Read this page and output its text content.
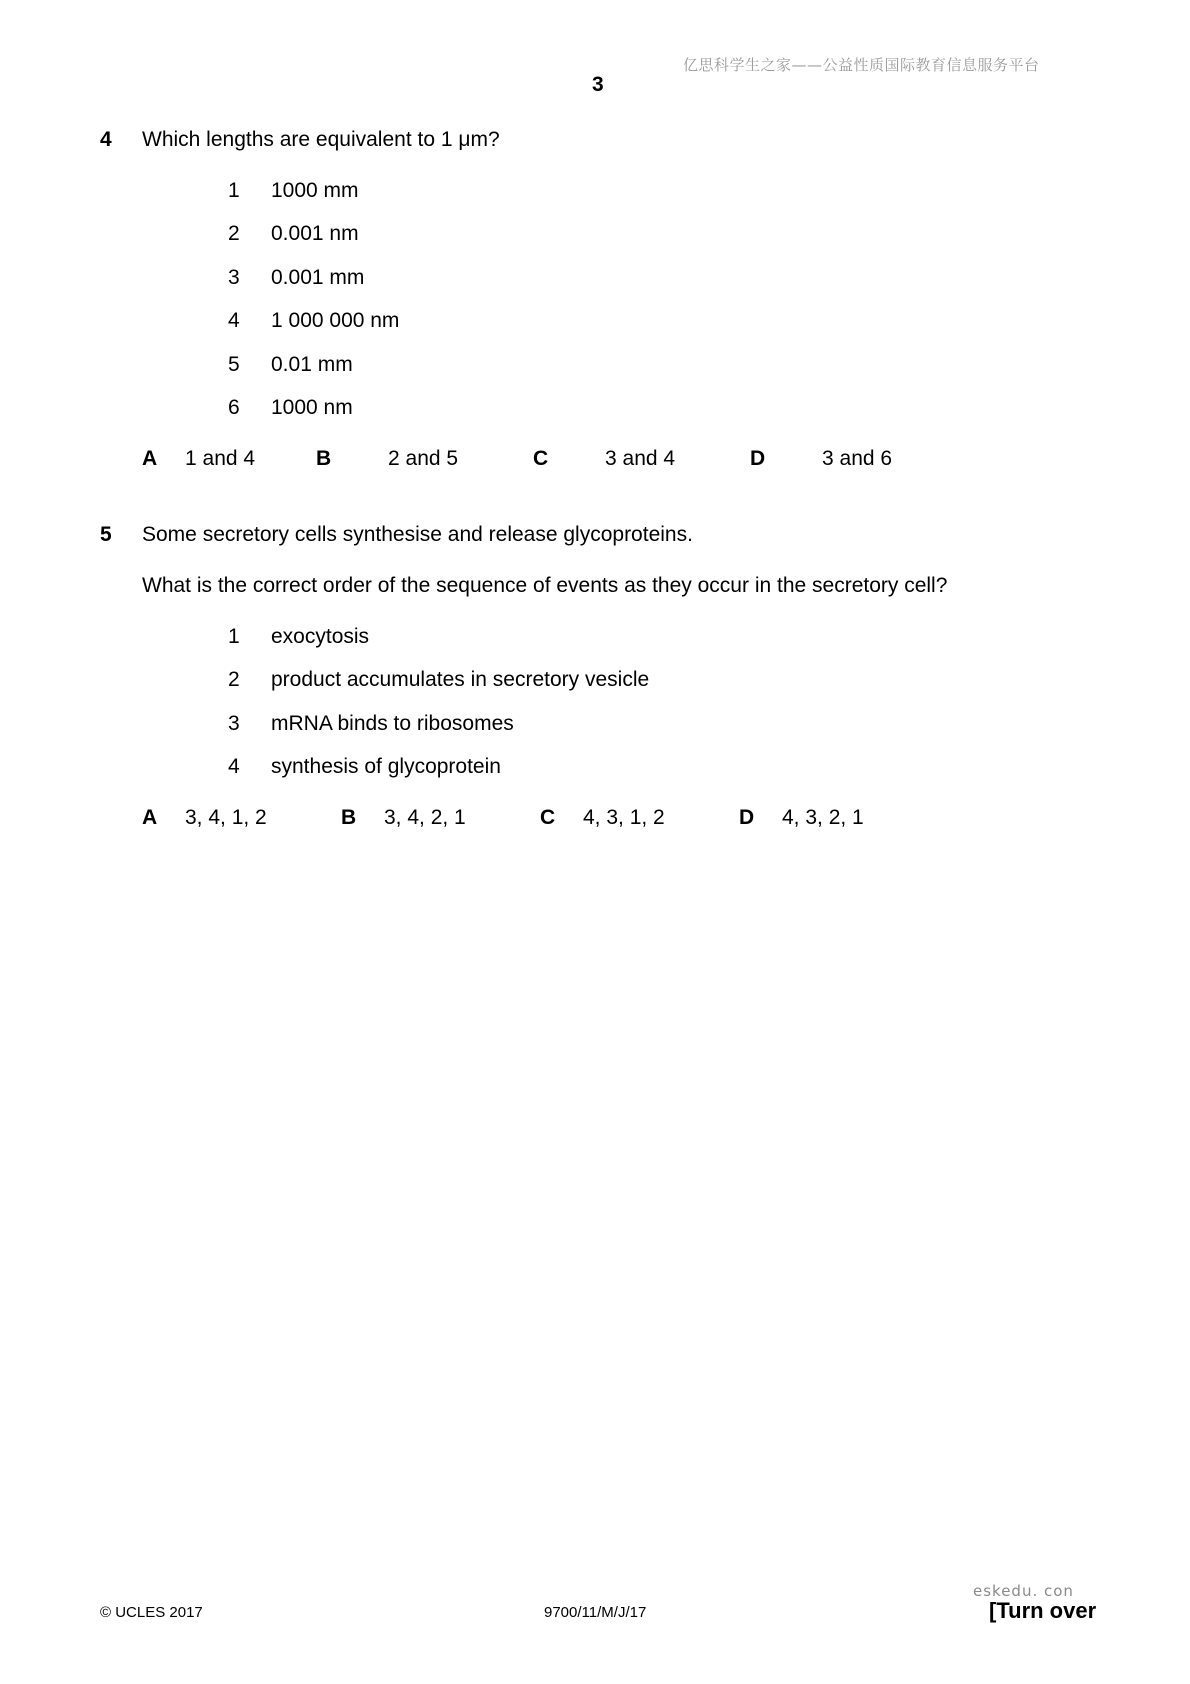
亿思科学生之家——公益性质国际教育信息服务平台
3
4 Which lengths are equivalent to 1 μm?
1 1000 mm
2 0.001 nm
3 0.001 mm
4 1 000 000 nm
5 0.01 mm
6 1000 nm
A 1 and 4	B	2 and 5	C	3 and 4	D	3 and 6
5 Some secretory cells synthesise and release glycoproteins.
What is the correct order of the sequence of events as they occur in the secretory cell?
1 exocytosis
2 product accumulates in secretory vesicle
3 mRNA binds to ribosomes
4 synthesis of glycoprotein
A 3, 4, 1, 2	B 3, 4, 2, 1	C 4, 3, 1, 2	D 4, 3, 2, 1
© UCLES 2017	9700/11/M/J/17
eskedu. con
[Turn over
